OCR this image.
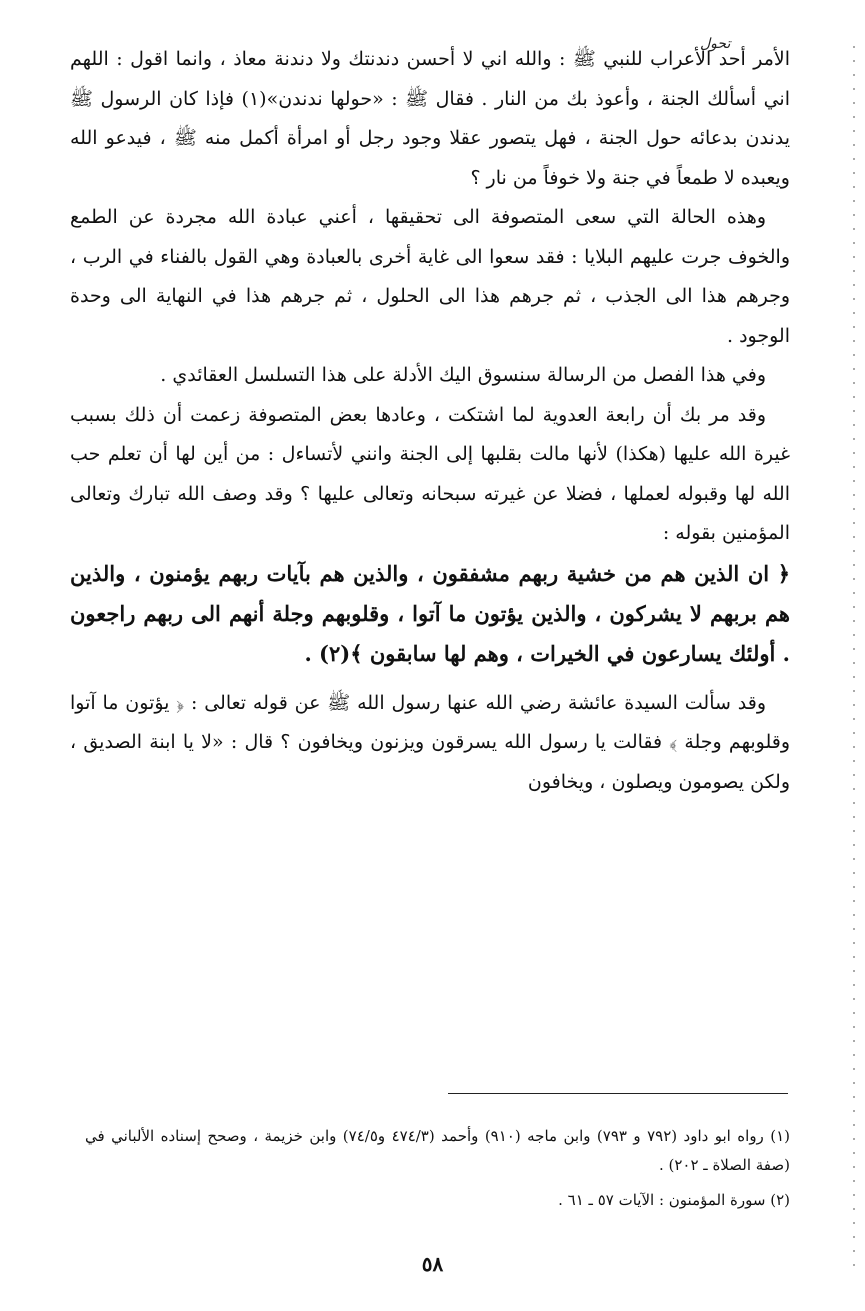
تحول

الأمر أحد الأعراب للنبي ﷺ : والله اني لا أحسن دندنتك ولا دندنة معاذ ، وانما اقول : اللهم اني أسألك الجنة ، وأعوذ بك من النار . فقال ﷺ : «حولها ندندن»(١) فإذا كان الرسول ﷺ يدندن بدعائه حول الجنة ، فهل يتصور عقلا وجود رجل أو امرأة أكمل منه ﷺ ، فيدعو الله ويعبده لا طمعاً في جنة ولا خوفاً من نار ؟

وهذه الحالة التي سعى المتصوفة الى تحقيقها ، أعني عبادة الله مجردة عن الطمع والخوف جرت عليهم البلايا : فقد سعوا الى غاية أخرى بالعبادة وهي القول بالفناء في الرب ، وجرهم هذا الى الجذب ، ثم جرهم هذا الى الحلول ، ثم جرهم هذا في النهاية الى وحدة الوجود .

وفي هذا الفصل من الرسالة سنسوق اليك الأدلة على هذا التسلسل العقائدي .

وقد مر بك أن رابعة العدوية لما اشتكت ، وعادها بعض المتصوفة زعمت أن ذلك بسبب غيرة الله عليها (هكذا) لأنها مالت بقلبها إلى الجنة وانني لأتساءل : من أين لها أن تعلم حب الله لها وقبوله لعملها ، فضلا عن غيرته سبحانه وتعالى عليها ؟ وقد وصف الله تبارك وتعالى المؤمنين بقوله :

﴿ ان الذين هم من خشية ربهم مشفقون ، والذين هم بآيات ربهم يؤمنون ، والذين هم بربهم لا يشركون ، والذين يؤتون ما آتوا ، وقلوبهم وجلة أنهم الى ربهم راجعون . أولئك يسارعون في الخيرات ، وهم لها سابقون ﴾(٢) .

وقد سألت السيدة عائشة رضي الله عنها رسول الله ﷺ عن قوله تعالى : ﴿ يؤتون ما آتوا وقلوبهم وجلة ﴾ فقالت يا رسول الله يسرقون ويزنون ويخافون ؟ قال : «لا يا ابنة الصديق ، ولكن يصومون ويصلون ، ويخافون

(١) رواه ابو داود (٧٩٢ و ٧٩٣) وابن ماجه (٩١٠) وأحمد (٤٧٤/٣ و٧٤/٥) وابن خزيمة ، وصحح إسناده الألباني في (صفة الصلاة ـ ٢٠٢) .

(٢) سورة المؤمنون : الآيات ٥٧ ـ ٦١ .

٥٨
